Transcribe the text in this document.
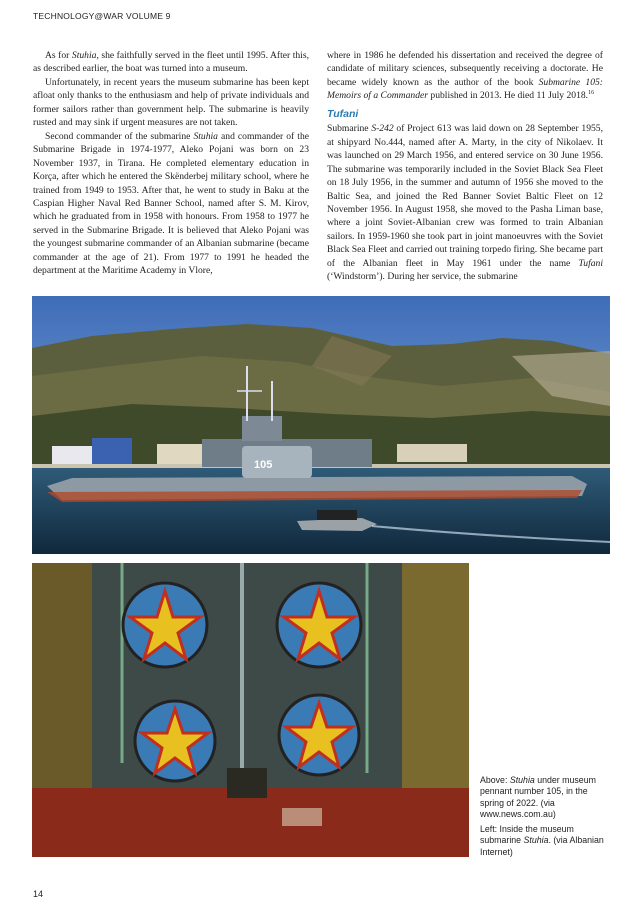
TECHNOLOGY@WAR VOLUME 9

As for Stuhia, she faithfully served in the fleet until 1995. After this, as described earlier, the boat was turned into a museum.

Unfortunately, in recent years the museum submarine has been kept afloat only thanks to the enthusiasm and help of private individuals and former sailors rather than government help. The submarine is heavily rusted and may sink if urgent measures are not taken.

Second commander of the submarine Stuhia and commander of the Submarine Brigade in 1974-1977, Aleko Pojani was born on 23 November 1937, in Tirana. He completed elementary education in Korça, after which he entered the Skënderbej military school, where he trained from 1949 to 1953. After that, he went to study in Baku at the Caspian Higher Naval Red Banner School, named after S. M. Kirov, which he graduated from in 1958 with honours. From 1958 to 1977 he served in the Submarine Brigade. It is believed that Aleko Pojani was the youngest submarine commander of an Albanian submarine (became commander at the age of 21). From 1977 to 1991 he headed the department at the Maritime Academy in Vlore,

where in 1986 he defended his dissertation and received the degree of candidate of military sciences, subsequently receiving a doctorate. He became widely known as the author of the book Submarine 105: Memoirs of a Commander published in 2013. He died 11 July 2018.16

Tufani

Submarine S-242 of Project 613 was laid down on 28 September 1955, at shipyard No.444, named after A. Marty, in the city of Nikolaev. It was launched on 29 March 1956, and entered service on 30 June 1956. The submarine was temporarily included in the Soviet Black Sea Fleet on 18 July 1956, in the summer and autumn of 1956 she moved to the Baltic Sea, and joined the Red Banner Soviet Baltic Fleet on 12 November 1956. In August 1958, she moved to the Pasha Liman base, where a joint Soviet-Albanian crew was formed to train Albanian sailors. In 1959-1960 she took part in joint manoeuvres with the Soviet Black Sea Fleet and carried out training torpedo firing. She became part of the Albanian fleet in May 1961 under the name Tufani (‘Windstorm’). During her service, the submarine

105
Above: Stuhia under museum pennant number 105, in the spring of 2022. (via www.news.com.au)
Left: Inside the museum submarine Stuhia. (via Albanian Internet)
14
